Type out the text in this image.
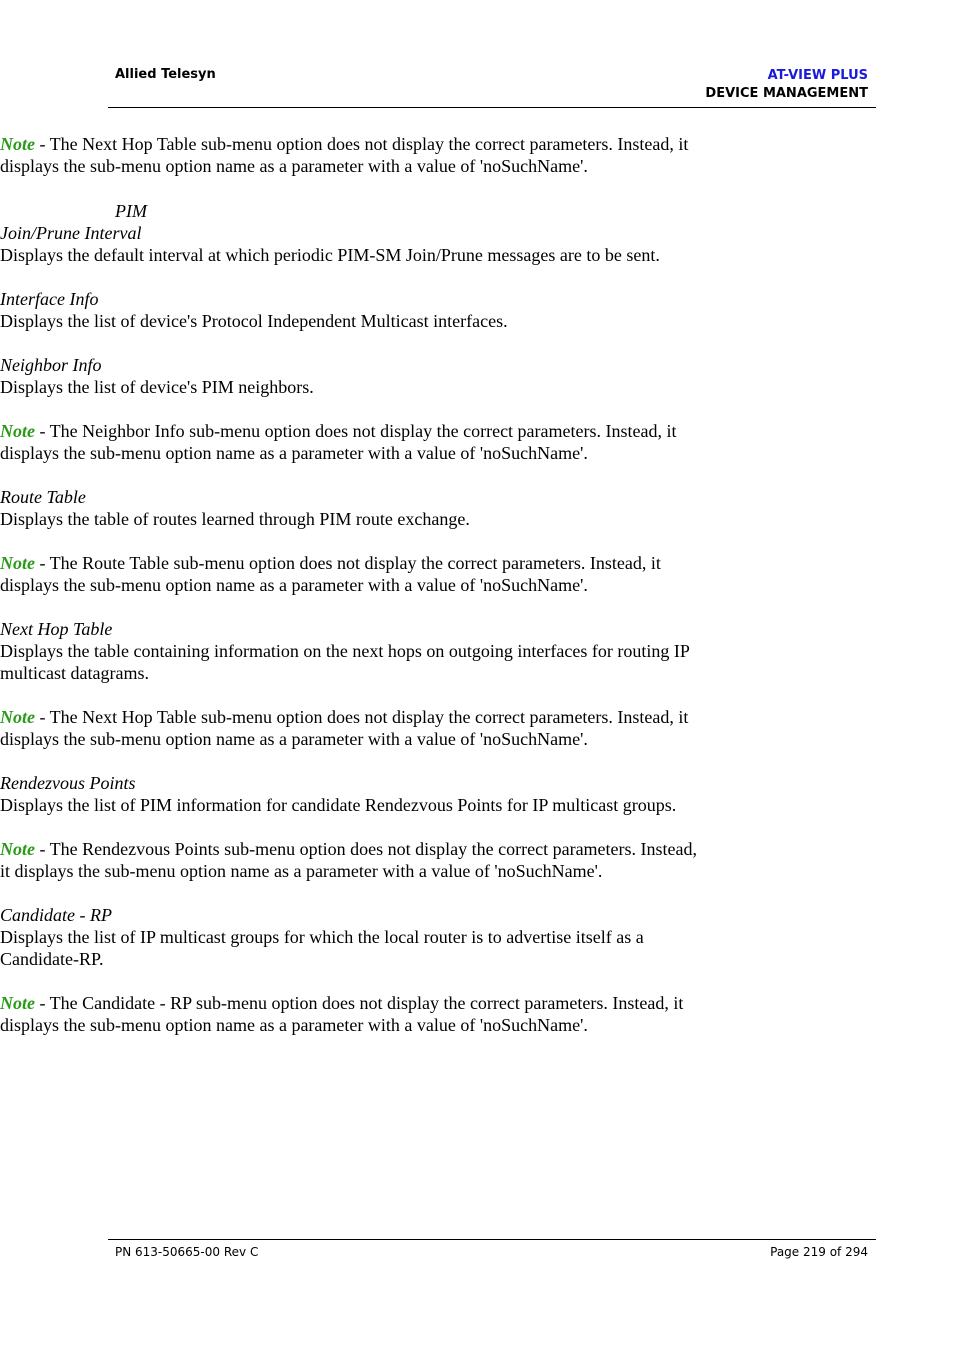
Allied Telesyn	AT-VIEW PLUS
DEVICE MANAGEMENT
Note - The Next Hop Table sub-menu option does not display the correct parameters. Instead, it displays the sub-menu option name as a parameter with a value of 'noSuchName'.
PIM
Join/Prune Interval
Displays the default interval at which periodic PIM-SM Join/Prune messages are to be sent.
Interface Info
Displays the list of device's Protocol Independent Multicast interfaces.
Neighbor Info
Displays the list of device's PIM neighbors.
Note - The Neighbor Info sub-menu option does not display the correct parameters. Instead, it displays the sub-menu option name as a parameter with a value of 'noSuchName'.
Route Table
Displays the table of routes learned through PIM route exchange.
Note - The Route Table sub-menu option does not display the correct parameters. Instead, it displays the sub-menu option name as a parameter with a value of 'noSuchName'.
Next Hop Table
Displays the table containing information on the next hops on outgoing interfaces for routing IP multicast datagrams.
Note - The Next Hop Table sub-menu option does not display the correct parameters. Instead, it displays the sub-menu option name as a parameter with a value of 'noSuchName'.
Rendezvous Points
Displays the list of PIM information for candidate Rendezvous Points for IP multicast groups.
Note - The Rendezvous Points sub-menu option does not display the correct parameters. Instead, it displays the sub-menu option name as a parameter with a value of 'noSuchName'.
Candidate - RP
Displays the list of IP multicast groups for which the local router is to advertise itself as a Candidate-RP.
Note - The Candidate - RP sub-menu option does not display the correct parameters. Instead, it displays the sub-menu option name as a parameter with a value of 'noSuchName'.
PN 613-50665-00 Rev C	Page 219 of 294
